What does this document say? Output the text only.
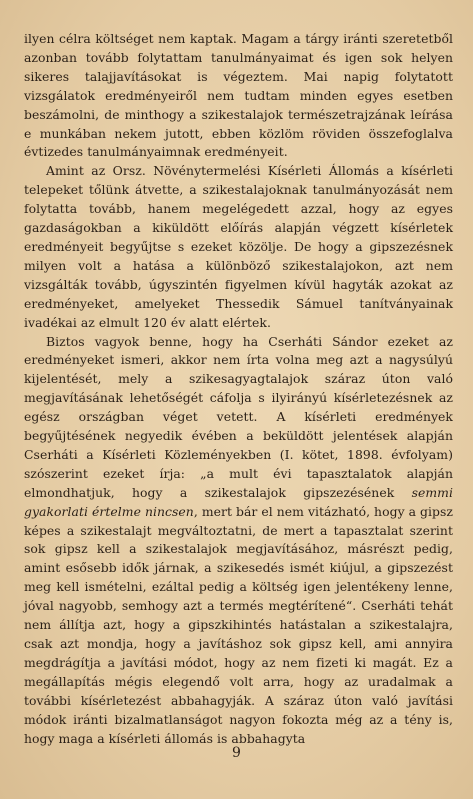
ilyen célra költséget nem kaptak. Magam a tárgy iránti szeretetből azonban tovább folytattam tanulmányaimat és igen sok helyen sikeres talajjavításokat is végeztem. Mai napig folytatott vizsgálatok eredményeiről nem tudtam minden egyes esetben beszámolni, de minthogy a szikestalajok természetrajzának leírása e munkában nekem jutott, ebben közlöm röviden összefoglalva évtizedes tanulmányaimnak eredményeit.

Amint az Orsz. Növénytermelési Kísérleti Állomás a kísérleti telepeket tőlünk átvette, a szikestalajoknak tanulmányozását nem folytatta tovább, hanem megelégedett azzal, hogy az egyes gazdaságokban a kiküldött előírás alapján végzett kísérletek eredményeit begyűjtse s ezeket közölje. De hogy a gipszezésnek milyen volt a hatása a különböző szikestalajokon, azt nem vizsgálták tovább, úgyszintén figyelmen kívül hagyták azokat az eredményeket, amelyeket Thessedik Sámuel tanítványainak ivadékai az elmult 120 év alatt elértek.

Biztos vagyok benne, hogy ha Cserháti Sándor ezeket az eredményeket ismeri, akkor nem írta volna meg azt a nagysúlyú kijelentését, mely a szikesagyagtalajok száraz úton való megjavításának lehetőségét cáfolja s ilyirányú kísérletezésnek az egész országban véget vetett. A kísérleti eredmények begyűjtésének negyedik évében a beküldött jelentések alapján Cserháti a Kísérleti Közleményekben (I. kötet, 1898. évfolyam) szószerint ezeket írja: „a mult évi tapasztalatok alapján elmondhatjuk, hogy a szikestalajok gipszezésének semmi gyakorlati értelme nincsen, mert bár el nem vitázható, hogy a gipsz képes a szikestalajt megváltoztatni, de mert a tapasztalat szerint sok gipsz kell a szikestalajok megjavításához, másrészt pedig, amint esősebb idők járnak, a szikesedés ismét kiújul, a gipszezést meg kell ismételni, ezáltal pedig a költség igen jelentékeny lenne, jóval nagyobb, semhogy azt a termés megtérítené“. Cserháti tehát nem állítja azt, hogy a gipszkihintés hatástalan a szikestalajra, csak azt mondja, hogy a javításhoz sok gipsz kell, ami annyira megdrágítja a javítási módot, hogy az nem fizeti ki magát. Ez a megállapítás mégis elegendő volt arra, hogy az uradalmak a további kísérletezést abbahagyják. A száraz úton való javítási módok iránti bizalmatlanságot nagyon fokozta még az a tény is, hogy maga a kísérleti állomás is abbahagyta

9
